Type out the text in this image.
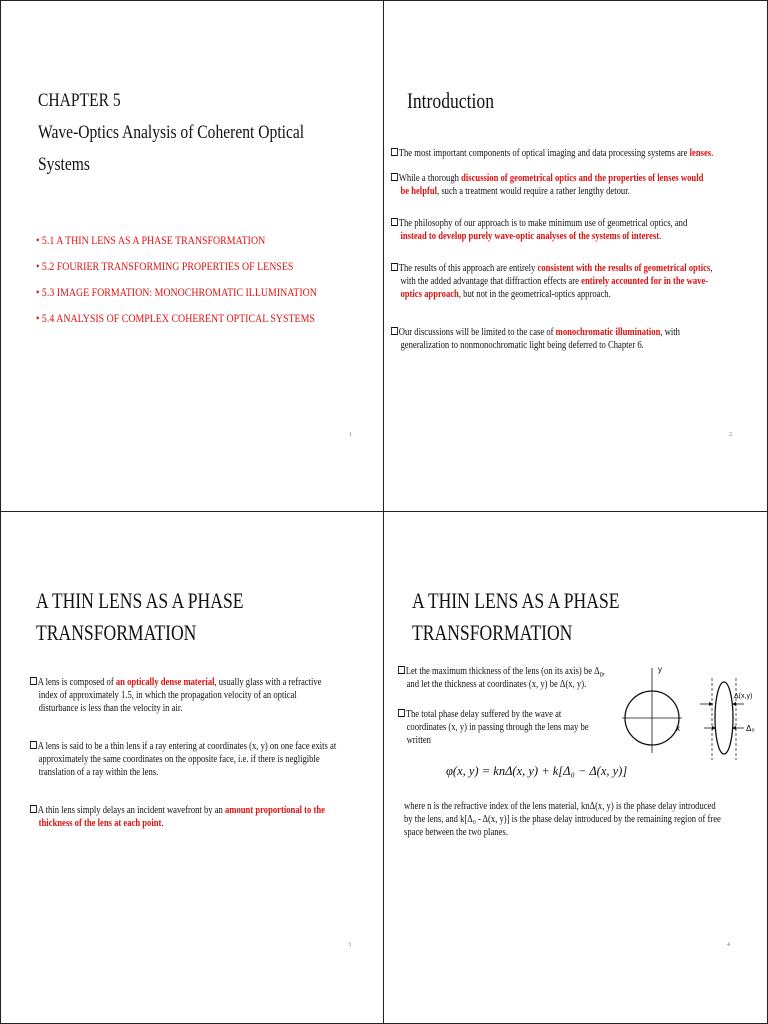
CHAPTER 5
Wave-Optics Analysis of Coherent Optical
Systems
• 5.1 A THIN LENS AS A PHASE TRANSFORMATION
• 5.2 FOURIER TRANSFORMING PROPERTIES OF LENSES
• 5.3 IMAGE FORMATION: MONOCHROMATIC ILLUMINATION
• 5.4 ANALYSIS OF COMPLEX COHERENT OPTICAL SYSTEMS
1
Introduction
The most important components of optical imaging and data processing systems are lenses.
While a thorough discussion of geometrical optics and the properties of lenses would
be helpful, such a treatment would require a rather lengthy detour.
The philosophy of our approach is to make minimum use of geometrical optics, and
instead to develop purely wave-optic analyses of the systems of interest.
The results of this approach are entirely consistent with the results of geometrical optics,
with the added advantage that diffraction effects are entirely accounted for in the wave-
optics approach, but not in the geometrical-optics approach.
Our discussions will be limited to the case of monochromatic illumination, with
generalization to nonmonochromatic light being deferred to Chapter 6.
2
A THIN LENS AS A PHASE
TRANSFORMATION
A lens is composed of an optically dense material, usually glass with a refractive
index of approximately 1.5, in which the propagation velocity of an optical
disturbance is less than the velocity in air.
A lens is said to be a thin lens if a ray entering at coordinates (x, y) on one face exits at
approximately the same coordinates on the opposite face, i.e. if there is negligible
translation of a ray within the lens.
A thin lens simply delays an incident wavefront by an amount proportional to the
thickness of the lens at each point.
3
A THIN LENS AS A PHASE
TRANSFORMATION
Let the maximum thickness of the lens (on its axis) be $\Delta_0$,
and let the thickness at coordinates (x, y) be Δ(x, y).
The total phase delay suffered by the wave at
coordinates (x, y) in passing through the lens may be
written
φ(x, y) = knΔ(x, y) + k[Δ₀ − Δ(x, y)]
where n is the refractive index of the lens material, knΔ(x, y) is the phase delay introduced
by the lens, and k[Δ₀ - Δ(x, y)] is the phase delay introduced by the remaining region of free
space between the two planes.
y
x
Δ(x,y)
Δ₀
4
